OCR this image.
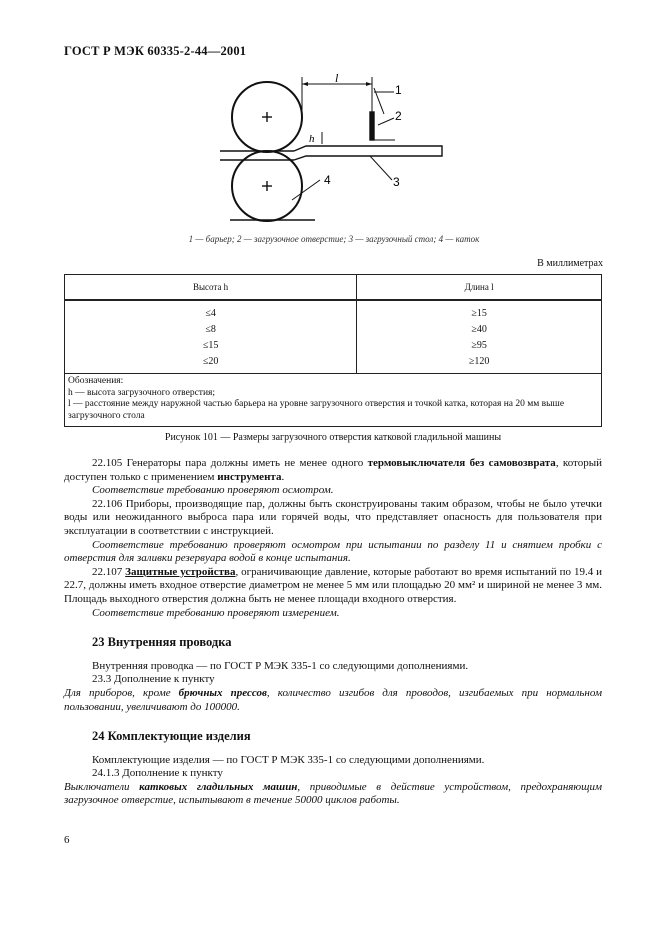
ГОСТ Р МЭК 60335-2-44—2001
l
h
1
2
3
4
1 — барьер; 2 — загрузочное отверстие; 3 — загрузочный стол; 4 — каток
В миллиметрах
Высота h	Длина l
≤4	≥15
≤8	≥40
≤15	≥95
≤20	≥120

Обозначения:
h — высота загрузочного отверстия;
l — расстояние между наружной частью барьера на уровне загрузочного отверстия и точкой катка, которая на 20 мм выше загрузочного стола	
Рисунок 101 — Размеры загрузочного отверстия катковой гладильной машины
22.105 Генераторы пара должны иметь не менее одного термовыключателя без самовозврата, который доступен только с применением инструмента.
Соответствие требованию проверяют осмотром.
22.106 Приборы, производящие пар, должны быть сконструированы таким образом, чтобы не было утечки воды или неожиданного выброса пара или горячей воды, что представляет опасность для пользователя при эксплуатации в соответствии с инструкцией.
Соответствие требованию проверяют осмотром при испытании по разделу 11 и снятием пробки с отверстия для заливки резервуара водой в конце испытания.
22.107 Защитные устройства, ограничивающие давление, которые работают во время испытаний по 19.4 и 22.7, должны иметь входное отверстие диаметром не менее 5 мм или площадью 20 мм² и шириной не менее 3 мм. Площадь выходного отверстия должна быть не менее площади входного отверстия.
Соответствие требованию проверяют измерением.
23 Внутренняя проводка
Внутренняя проводка — по ГОСТ Р МЭК 335-1 со следующими дополнениями.
23.3 Дополнение к пункту
Для приборов, кроме брючных прессов, количество изгибов для проводов, изгибаемых при нормальном пользовании, увеличивают до 100000.
24 Комплектующие изделия
Комплектующие изделия — по ГОСТ Р МЭК 335-1 со следующими дополнениями.
24.1.3 Дополнение к пункту
Выключатели катковых гладильных машин, приводимые в действие устройством, предохраняющим загрузочное отверстие, испытывают в течение 50000 циклов работы.
6
